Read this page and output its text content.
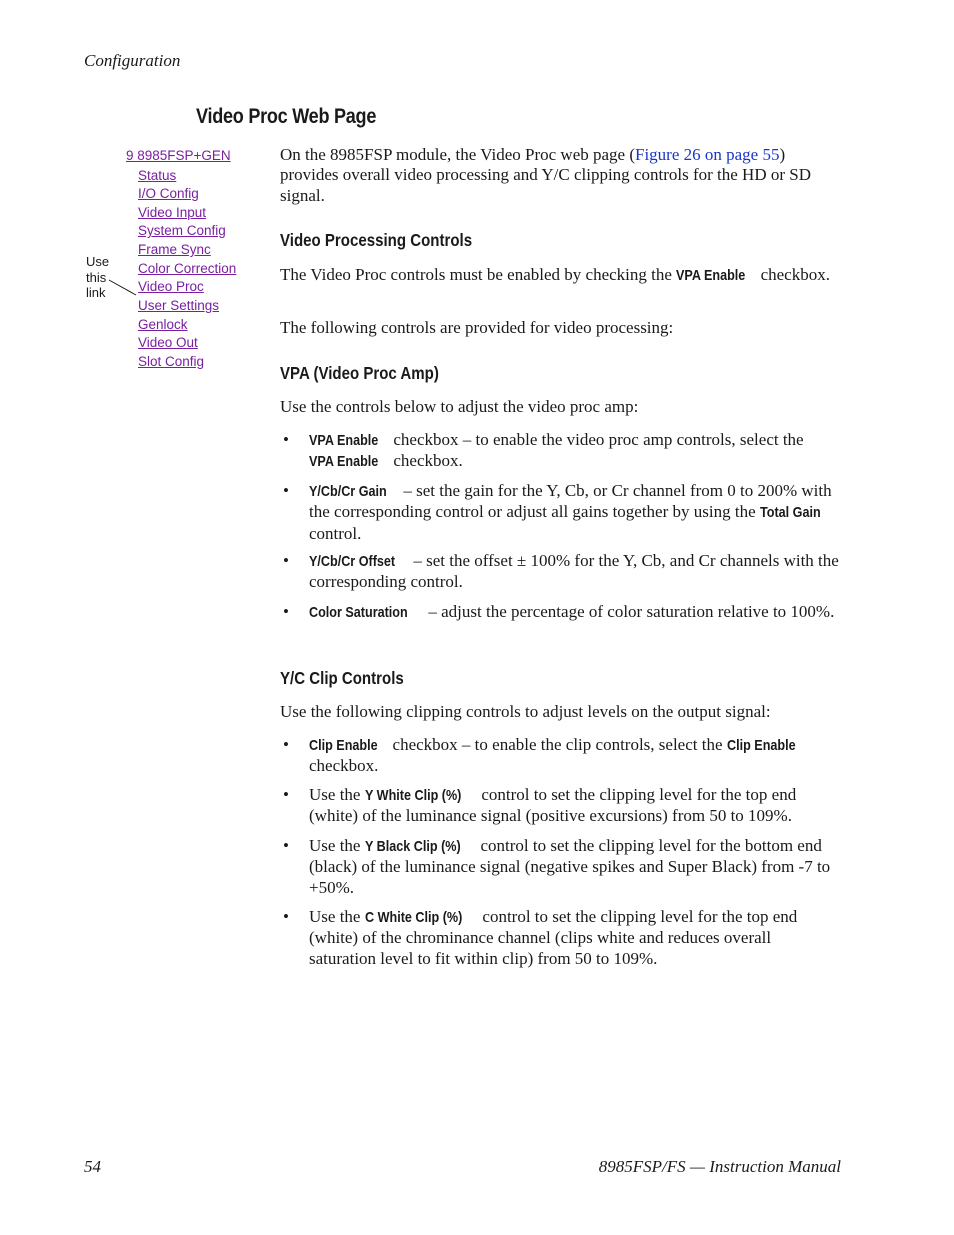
Configuration
Video Proc Web Page
9 8985FSP+GEN
Status
I/O Config
Video Input
System Config
Frame Sync
Color Correction
Video Proc
User Settings
Genlock
Video Out
Slot Config
Use
this
link
On the 8985FSP module, the Video Proc web page (Figure 26 on page 55) provides overall video processing and Y/C clipping controls for the HD or SD signal.
Video Processing Controls
The Video Proc controls must be enabled by checking the VPA Enable checkbox.
The following controls are provided for video processing:
VPA (Video Proc Amp)
Use the controls below to adjust the video proc amp:
• VPA Enable checkbox – to enable the video proc amp controls, select the VPA Enable checkbox.
• Y/Cb/Cr Gain – set the gain for the Y, Cb, or Cr channel from 0 to 200% with the corresponding control or adjust all gains together by using the Total Gain control.
• Y/Cb/Cr Offset – set the offset ± 100% for the Y, Cb, and Cr channels with the corresponding control.
• Color Saturation – adjust the percentage of color saturation relative to 100%.
Y/C Clip Controls
Use the following clipping controls to adjust levels on the output signal:
• Clip Enable checkbox – to enable the clip controls, select the Clip Enable checkbox.
• Use the Y White Clip (%) control to set the clipping level for the top end (white) of the luminance signal (positive excursions) from 50 to 109%.
• Use the Y Black Clip (%) control to set the clipping level for the bottom end (black) of the luminance signal (negative spikes and Super Black) from -7 to +50%.
• Use the C White Clip (%) control to set the clipping level for the top end (white) of the chrominance channel (clips white and reduces overall saturation level to fit within clip) from 50 to 109%.
54	8985FSP/FS — Instruction Manual
